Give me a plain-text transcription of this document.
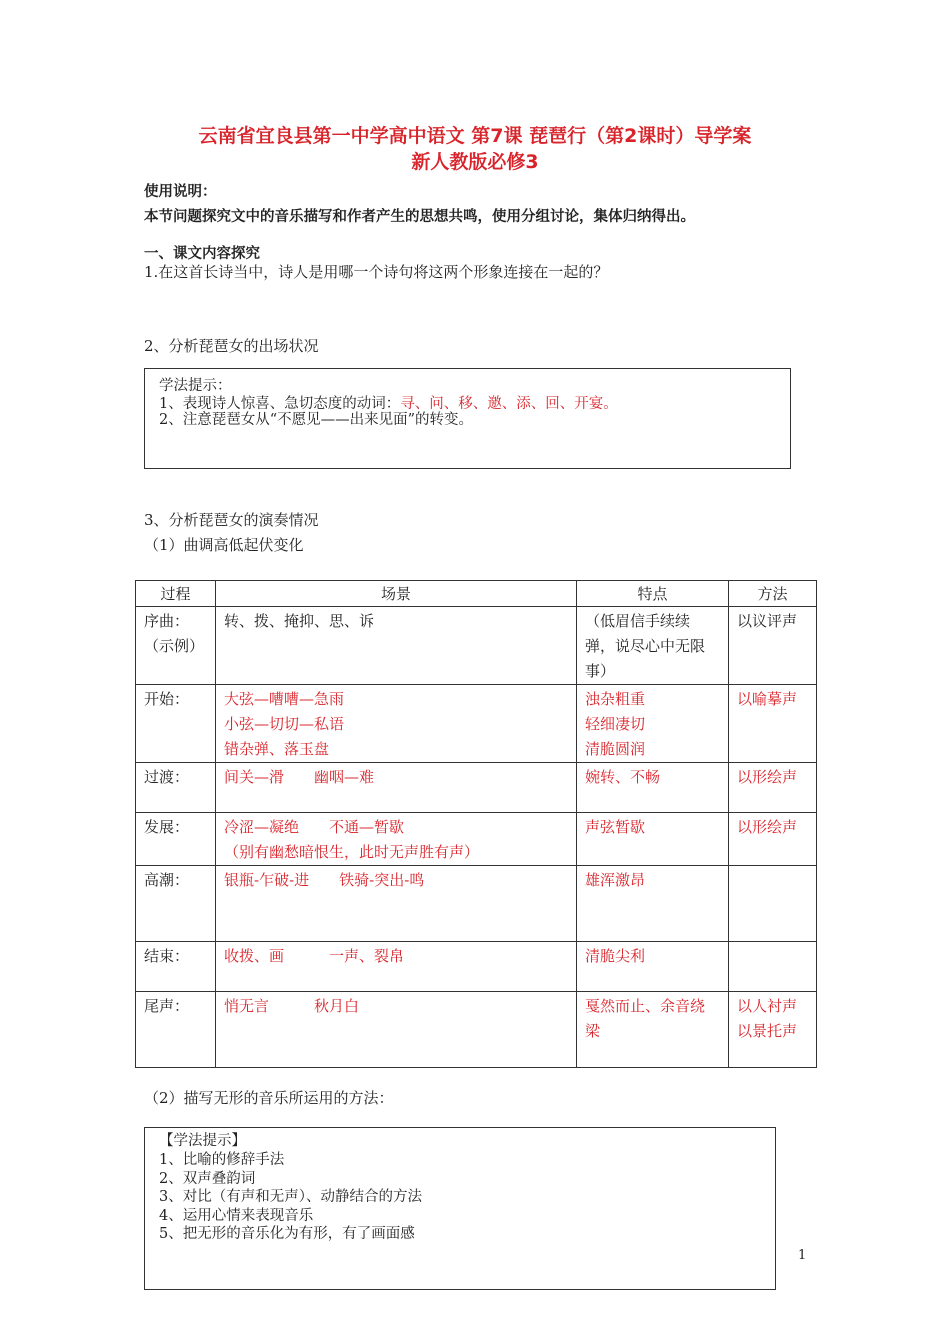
云南省宜良县第一中学高中语文 第7课 琵琶行（第2课时）导学案
新人教版必修3
使用说明：
本节问题探究文中的音乐描写和作者产生的思想共鸣，使用分组讨论，集体归纳得出。
一、课文内容探究
1.在这首长诗当中，诗人是用哪一个诗句将这两个形象连接在一起的？
2、分析琵琶女的出场状况
学法提示：
1、表现诗人惊喜、急切态度的动词：寻、问、移、邀、添、回、开宴。
2、注意琵琶女从“不愿见——出来见面”的转变。
3、分析琵琶女的演奏情况
（1）曲调高低起伏变化
过程	场景	特点	方法

序曲：
（示例）	转、拨、掩抑、思、诉	（低眉信手续续
弹，说尽心中无限
事）	以议评声

开始：	大弦—嘈嘈—急雨
小弦—切切—私语
错杂弹、落玉盘	浊杂粗重
轻细凄切
清脆圆润	以喻摹声

过渡：	间关—滑　　幽咽—难	婉转、不畅	以形绘声

发展：	冷涩—凝绝　　不通—暂歇
（别有幽愁暗恨生，此时无声胜有声）	声弦暂歇	以形绘声

高潮：	银瓶-乍破-进　　铁骑-突出-鸣	雄浑激昂	

结束：	收拨、画　　　一声、裂帛	清脆尖利	

尾声：	悄无言　　　秋月白	戛然而止、余音绕
梁	以人衬声
以景托声
（2）描写无形的音乐所运用的方法：
【学法提示】
1、比喻的修辞手法
2、双声叠韵词
3、对比（有声和无声）、动静结合的方法
4、运用心情来表现音乐
5、把无形的音乐化为有形，有了画面感
1
